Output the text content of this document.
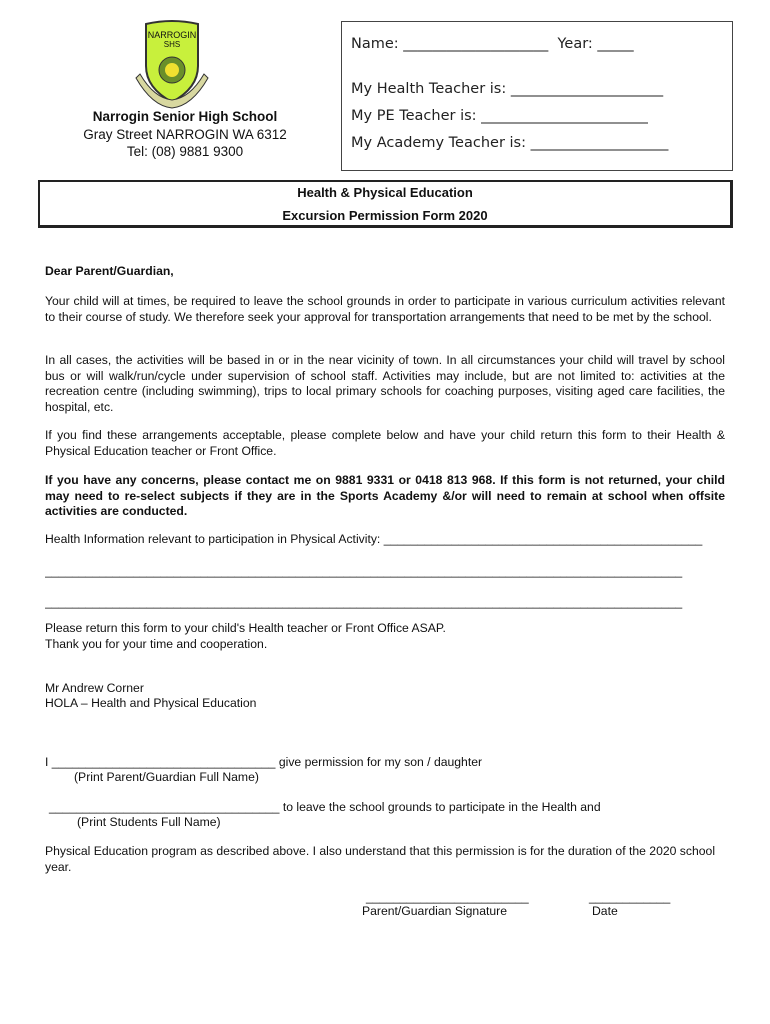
NARROGIN
SHS
Narrogin Senior High School
Gray Street NARROGIN WA 6312
Tel: (08) 9881 9300
Name: ____________________  Year: _____
My Health Teacher is: _____________________
My PE Teacher is: _______________________
My Academy Teacher is: ___________________
Health & Physical Education
Excursion Permission Form 2020
Dear Parent/Guardian,
Your child will at times, be required to leave the school grounds in order to participate in various curriculum activities relevant to their course of study. We therefore seek your approval for transportation arrangements that need to be met by the school.
In all cases, the activities will be based in or in the near vicinity of town. In all circumstances your child will travel by school bus or will walk/run/cycle under supervision of school staff. Activities may include, but are not limited to: activities at the recreation centre (including swimming), trips to local primary schools for coaching purposes, visiting aged care facilities, the hospital, etc.
If you find these arrangements acceptable, please complete below and have your child return this form to their Health & Physical Education teacher or Front Office.
If you have any concerns, please contact me on 9881 9331 or 0418 813 968. If this form is not returned, your child may need to re-select subjects if they are in the Sports Academy &/or will need to remain at school when offsite activities are conducted.
Health Information relevant to participation in Physical Activity: _______________________________________________
______________________________________________________________________________________________
______________________________________________________________________________________________
Please return this form to your child's Health teacher or Front Office ASAP.
Thank you for your time and cooperation.
Mr Andrew Corner
HOLA – Health and Physical Education
I _________________________________ give permission for my son / daughter
(Print Parent/Guardian Full Name)
__________________________________ to leave the school grounds to participate in the Health and
(Print Students Full Name)
Physical Education program as described above. I also understand that this permission is for the duration of the 2020 school year.
________________________
Parent/Guardian Signature
____________
Date
